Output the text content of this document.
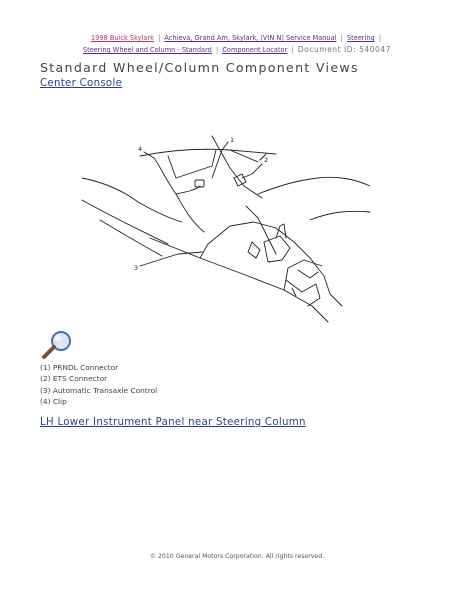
1998 Buick Skylark | Achieva, Grand Am, Skylark, (VIN N) Service Manual | Steering |
Steering Wheel and Column - Standard | Component Locator | Document ID: 540047
Standard Wheel/Column Component Views
Center Console
1
2
3
4
(1) PRNDL Connector
(2) ETS Connector
(3) Automatic Transaxle Control
(4) Clip
LH Lower Instrument Panel near Steering Column
© 2010 General Motors Corporation. All rights reserved.
